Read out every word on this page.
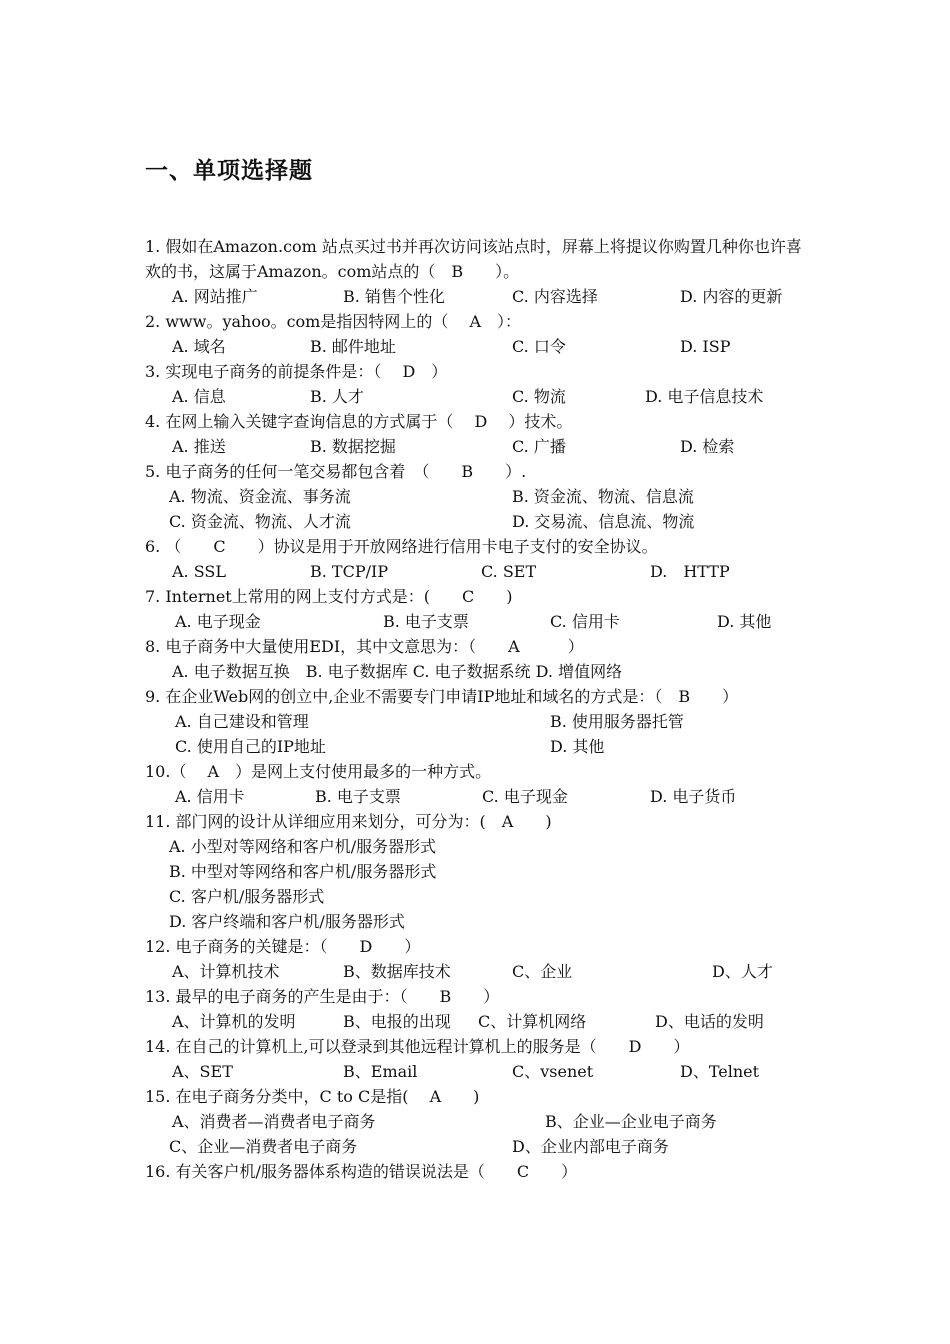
一、单项选择题
1. 假如在Amazon.com 站点买过书并再次访问该站点时，屏幕上将提议你购置几种你也许喜欢的书，这属于Amazon。com站点的（　B　　）。
A. 网站推广	B. 销售个性化	C. 内容选择	D. 内容的更新
2. www。yahoo。com是指因特网上的（　 A　）：
A. 域名	B. 邮件地址	C. 口令	D. ISP
3. 实现电子商务的前提条件是：（　 D　）
A. 信息	B. 人才	C. 物流	D. 电子信息技术
4. 在网上输入关键字查询信息的方式属于（　 D　 ）技术。
A. 推送	B. 数据挖掘	C. 广播	D. 检索
5. 电子商务的任何一笔交易都包含着　（　　B　　）.
A. 物流、资金流、事务流	B. 资金流、物流、信息流
C. 资金流、物流、人才流	D. 交易流、信息流、物流
6. （　　C　　）协议是用于开放网络进行信用卡电子支付的安全协议。
A. SSL	B. TCP/IP	C. SET	D.　HTTP
7. Internet上常用的网上支付方式是：(　　C　　)
A. 电子现金	B. 电子支票	C. 信用卡	D. 其他
8. 电子商务中大量使用EDI，其中文意思为：（　　A　　　）
A. 电子数据互换　B. 电子数据库 C. 电子数据系统 D. 增值网络
9. 在企业Web网的创立中,企业不需要专门申请IP地址和域名的方式是：（　B　　）
A. 自己建设和管理	B. 使用服务器托管
C. 使用自己的IP地址	D. 其他
10.（　 A　）是网上支付使用最多的一种方式。
A. 信用卡	B. 电子支票	C. 电子现金	D. 电子货币
11. 部门网的设计从详细应用来划分，可分为：(　A　　)
A. 小型对等网络和客户机/服务器形式
B. 中型对等网络和客户机/服务器形式
C. 客户机/服务器形式
D. 客户终端和客户机/服务器形式
12. 电子商务的关键是：（　　D　　）
A、计算机技术	B、数据库技术	C、企业	D、人才
13. 最早的电子商务的产生是由于：（　　B　　）
A、计算机的发明	B、电报的出现 C、计算机网络	D、电话的发明
14. 在自己的计算机上,可以登录到其他远程计算机上的服务是（　　D　　）
A、SET	B、Email	C、vsenet	D、Telnet
15. 在电子商务分类中，C to C是指(　 A　　)
A、消费者—消费者电子商务	B、企业—企业电子商务
C、企业—消费者电子商务	D、企业内部电子商务
16. 有关客户机/服务器体系构造的错误说法是（　　C　　）
